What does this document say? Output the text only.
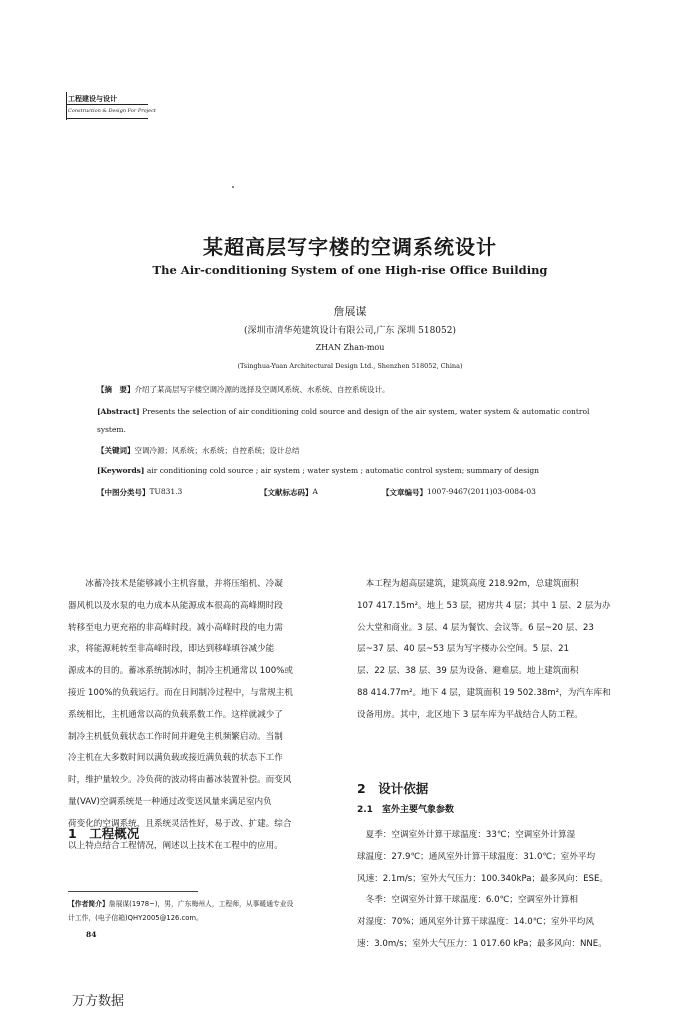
工程建设与设计
Construction & Design For Project
某超高层写字楼的空调系统设计
The Air-conditioning System of one High-rise Office Building
詹展谋
(深圳市清华苑建筑设计有限公司,广东 深圳 518052)
ZHAN Zhan-mou
(Tsinghua-Yuan Architectural Design Ltd., Shenzhen 518052, China)
【摘　要】介绍了某高层写字楼空调冷源的选择及空调风系统、水系统、自控系统设计。
[Abstract] Presents the selection of air conditioning cold source and design of the air system, water system & automatic control
system.
【关键词】空调冷源；风系统；水系统；自控系统；设计总结
[Keywords] air conditioning cold source ; air system ; water system ; automatic control system; summary of design
【中图分类号】 TU831.3	【文献标志码】 A	【文章编号】 1007-9467(2011)03-0084-03

冰蓄冷技术是能够减小主机容量，并将压缩机、冷凝

器风机以及水泵的电力成本从能源成本很高的高峰期时段

转移至电力更充裕的非高峰时段。减小高峰时段的电力需

求，将能源耗转至非高峰时段，即达到移峰填谷减少能

源成本的目的。蓄冰系统制冰时，制冷主机通常以 100%或

接近 100%的负载运行。而在日间制冷过程中，与常规主机

系统相比，主机通常以高的负载系数工作。这样就减少了

制冷主机低负载状态工作时间并避免主机频繁启动。当制

冷主机在大多数时间以满负载或接近满负载的状态下工作

时，维护量较少。冷负荷的波动将由蓄冰装置补偿。而变风

量(VAV)空调系统是一种通过改变送风量来满足室内负

荷变化的空调系统，且系统灵活性好，易于改、扩建。综合

以上特点结合工程情况，阐述以上技术在工程中的应用。

1　工程概况

　本工程为超高层建筑，建筑高度 218.92m，总建筑面积

107 417.15m²。地上 53 层，裙房共 4 层；其中 1 层、2 层为办

公大堂和商业。3 层、4 层为餐饮、会议等。6 层~20 层、23

层~37 层、40 层~53 层为写字楼办公空间。5 层、21

层、22 层、38 层、39 层为设备、避难层。地上建筑面积

88 414.77m²。地下 4 层，建筑面积 19 502.38m²，为汽车库和

设备用房。其中，北区地下 3 层车库为平战结合人防工程。

2　设计依据
2.1　室外主要气象参数

　夏季：空调室外计算干球温度：33℃；空调室外计算湿

球温度：27.9℃；通风室外计算干球温度：31.0℃；室外平均

风速：2.1m/s；室外大气压力：100.340kPa；最多风向：ESE。

　冬季：空调室外计算干球温度：6.0℃；空调室外计算相

对湿度：70%；通风室外计算干球温度：14.0℃；室外平均风

速：3.0m/s；室外大气压力：1 017.60 kPa；最多风向：NNE。

【作者简介】詹展谋(1978~)，男，广东梅州人，工程师，从事暖通专业设
计工作，(电子信箱)QHY2005@126.com。
84
万方数据
